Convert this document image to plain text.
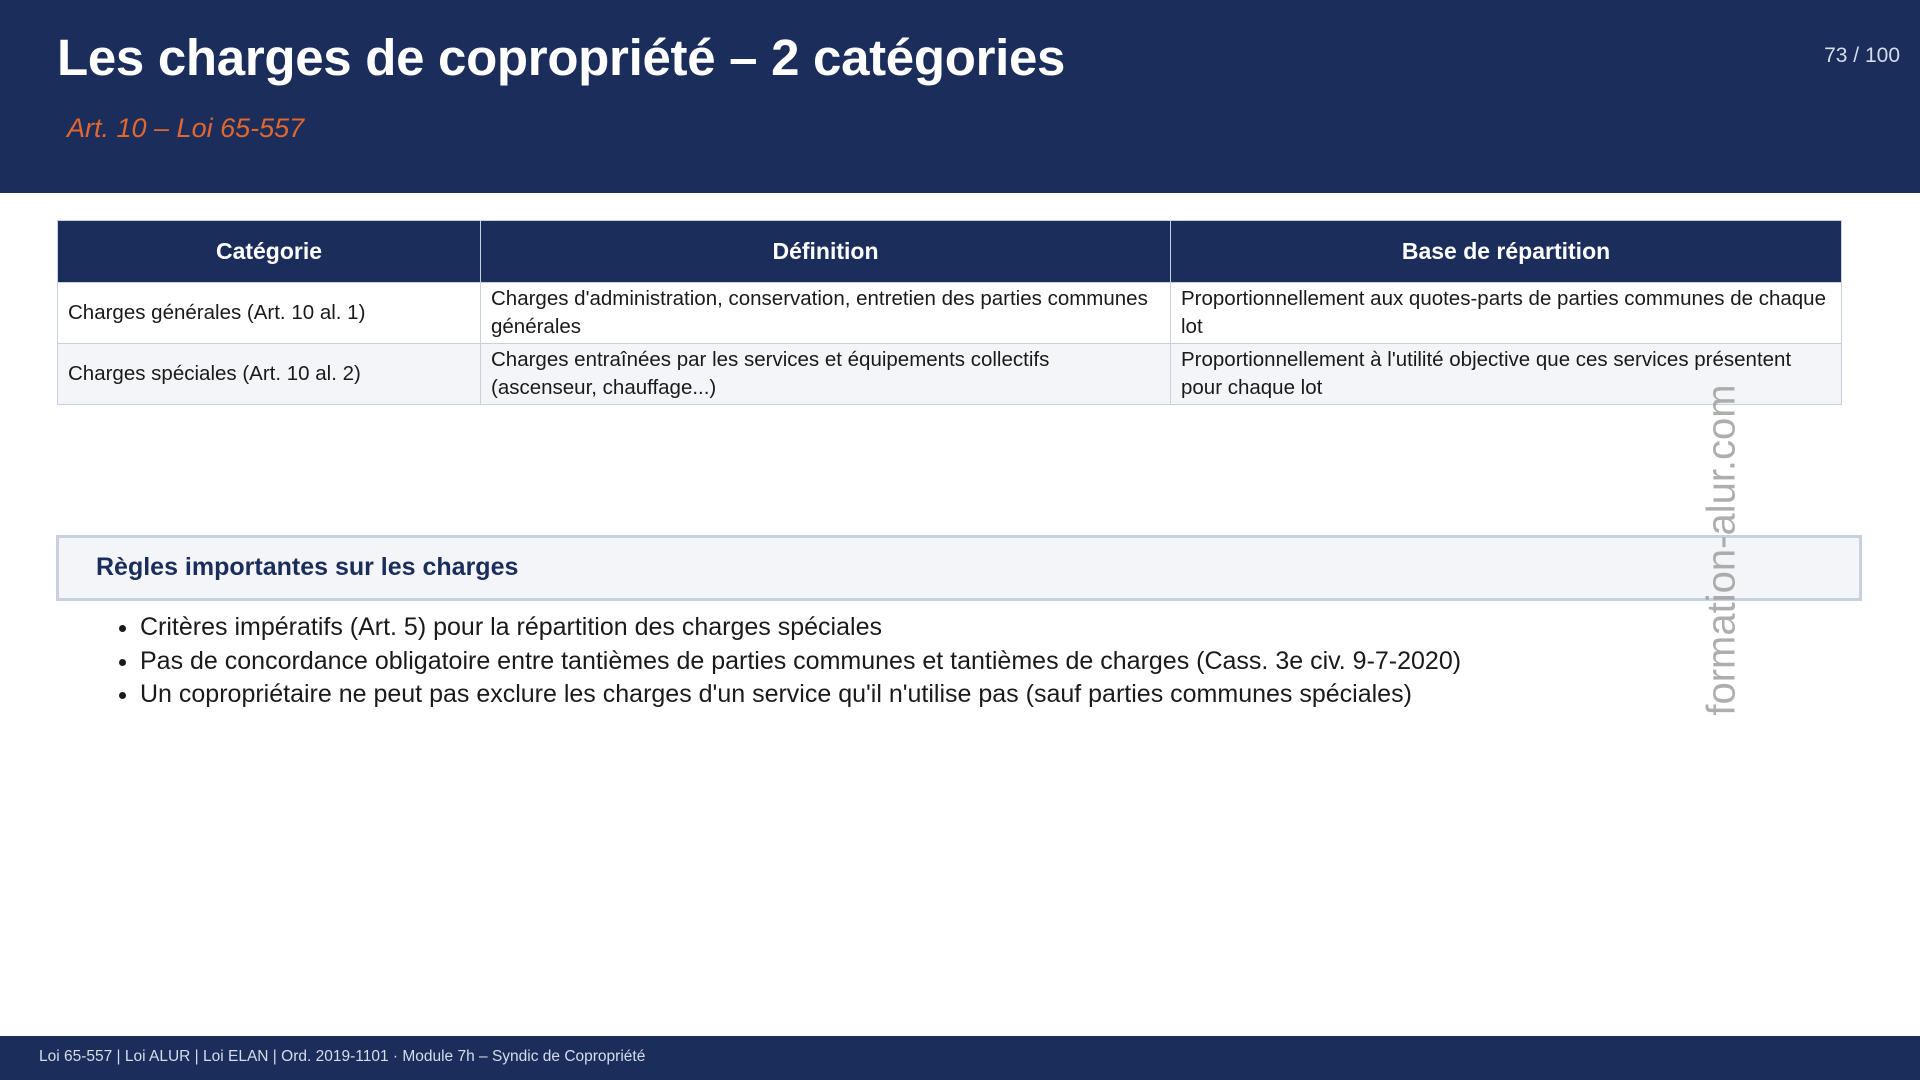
Les charges de copropriété – 2 catégories
Art. 10 – Loi 65-557
73 / 100
Catégorie	Définition	Base de répartition
Charges générales (Art. 10 al. 1)	Charges d'administration, conservation, entretien des parties communes générales	Proportionnellement aux quotes-parts de parties communes de chaque lot
Charges spéciales (Art. 10 al. 2)	Charges entraînées par les services et équipements collectifs (ascenseur, chauffage...)	Proportionnellement à l'utilité objective que ces services présentent pour chaque lot
Règles importantes sur les charges
• Critères impératifs (Art. 5) pour la répartition des charges spéciales
• Pas de concordance obligatoire entre tantièmes de parties communes et tantièmes de charges (Cass. 3e civ. 9-7-2020)
• Un copropriétaire ne peut pas exclure les charges d'un service qu'il n'utilise pas (sauf parties communes spéciales)	formation-alur.com
Loi 65-557 | Loi ALUR | Loi ELAN | Ord. 2019-1101 · Module 7h – Syndic de Copropriété
